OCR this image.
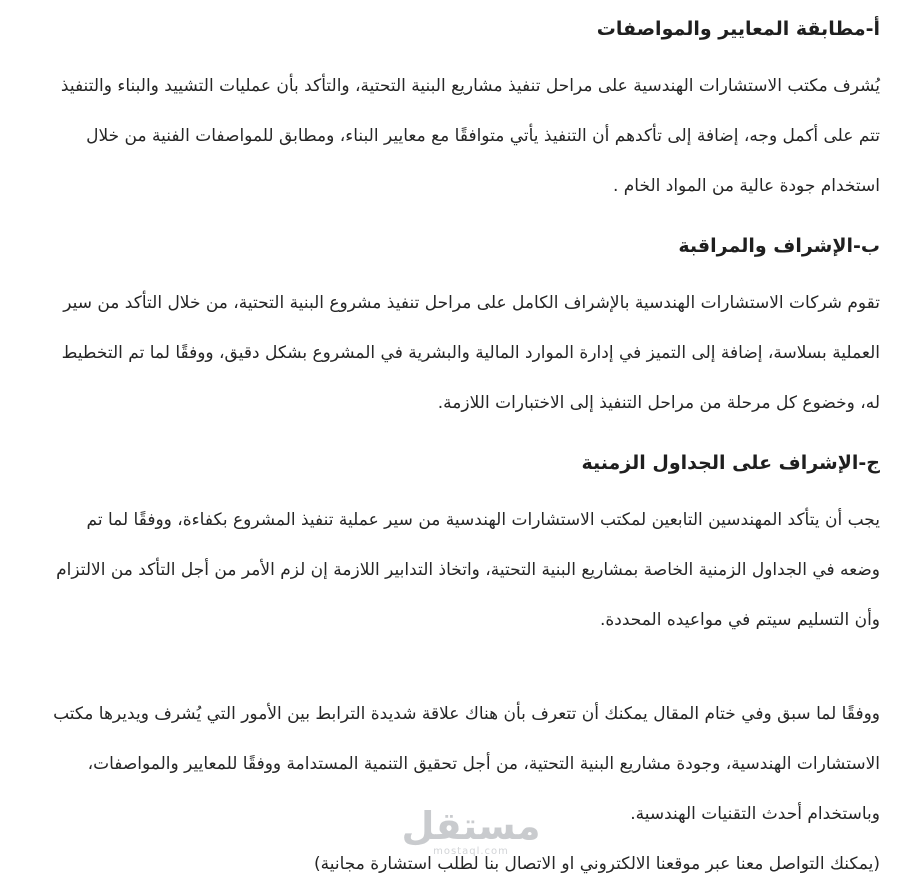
مستقل
mostaql.com
أ-مطابقة المعايير والمواصفات

يُشرف مكتب الاستشارات الهندسية على مراحل تنفيذ مشاريع البنية التحتية، والتأكد بأن عمليات التشييد والبناء والتنفيذ تتم على أكمل وجه، إضافة إلى تأكدهم أن التنفيذ يأتي متوافقًا مع معايير البناء، ومطابق للمواصفات الفنية من خلال استخدام جودة عالية من المواد الخام .

ب-الإشراف والمراقبة

تقوم شركات الاستشارات الهندسية بالإشراف الكامل على مراحل تنفيذ مشروع البنية التحتية، من خلال التأكد من سير العملية بسلاسة، إضافة إلى التميز في إدارة الموارد المالية والبشرية في المشروع بشكل دقيق، ووفقًا لما تم التخطيط له، وخضوع كل مرحلة من مراحل التنفيذ إلى الاختبارات اللازمة.

ج-الإشراف على الجداول الزمنية

يجب أن يتأكد المهندسين التابعين لمكتب الاستشارات الهندسية من سير عملية تنفيذ المشروع بكفاءة، ووفقًا لما تم وضعه في الجداول الزمنية الخاصة بمشاريع البنية التحتية، واتخاذ التدابير اللازمة إن لزم الأمر من أجل التأكد من الالتزام وأن التسليم سيتم في مواعيده المحددة.

ووفقًا لما سبق وفي ختام المقال يمكنك أن تتعرف بأن هناك علاقة شديدة الترابط بين الأمور التي يُشرف ويديرها مكتب الاستشارات الهندسية، وجودة مشاريع البنية التحتية، من أجل تحقيق التنمية المستدامة ووفقًا للمعايير والمواصفات، وباستخدام أحدث التقنيات الهندسية.

(يمكنك التواصل معنا عبر موقعنا الالكتروني او الاتصال بنا لطلب استشارة مجانية)
